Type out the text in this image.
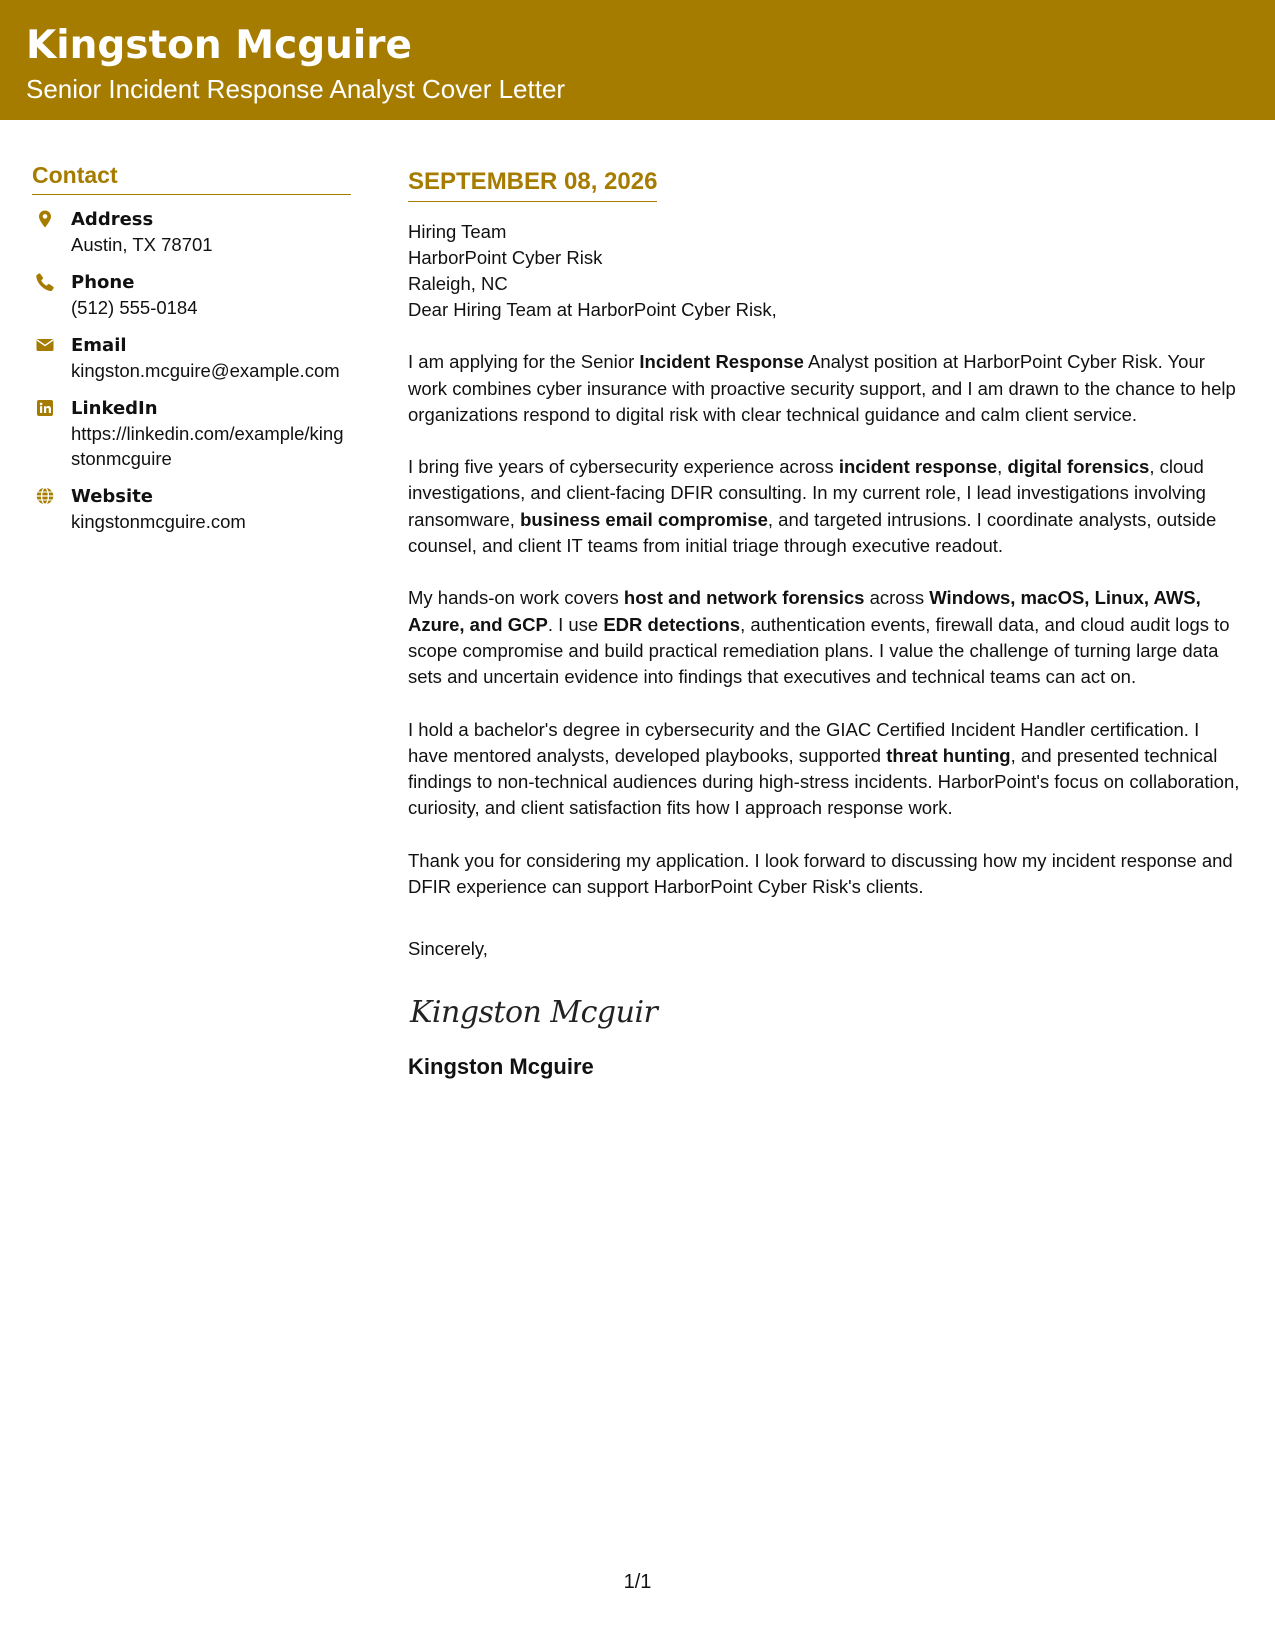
Kingston Mcguire
Senior Incident Response Analyst Cover Letter
Contact
Address
Austin, TX 78701
Phone
(512) 555-0184
Email
kingston.mcguire@example.com
LinkedIn
https://linkedin.com/example/kingstonmcguire
Website
kingstonmcguire.com
SEPTEMBER 08, 2026
Hiring Team
HarborPoint Cyber Risk
Raleigh, NC

Dear Hiring Team at HarborPoint Cyber Risk,

I am applying for the Senior Incident Response Analyst position at HarborPoint Cyber Risk. Your work combines cyber insurance with proactive security support, and I am drawn to the chance to help organizations respond to digital risk with clear technical guidance and calm client service.

I bring five years of cybersecurity experience across incident response, digital forensics, cloud investigations, and client-facing DFIR consulting. In my current role, I lead investigations involving ransomware, business email compromise, and targeted intrusions. I coordinate analysts, outside counsel, and client IT teams from initial triage through executive readout.

My hands-on work covers host and network forensics across Windows, macOS, Linux, AWS, Azure, and GCP. I use EDR detections, authentication events, firewall data, and cloud audit logs to scope compromise and build practical remediation plans. I value the challenge of turning large data sets and uncertain evidence into findings that executives and technical teams can act on.

I hold a bachelor's degree in cybersecurity and the GIAC Certified Incident Handler certification. I have mentored analysts, developed playbooks, supported threat hunting, and presented technical findings to non-technical audiences during high-stress incidents. HarborPoint's focus on collaboration, curiosity, and client satisfaction fits how I approach response work.

Thank you for considering my application. I look forward to discussing how my incident response and DFIR experience can support HarborPoint Cyber Risk's clients.

Sincerely,
Kingston Mcguir
Kingston Mcguire
1/1
